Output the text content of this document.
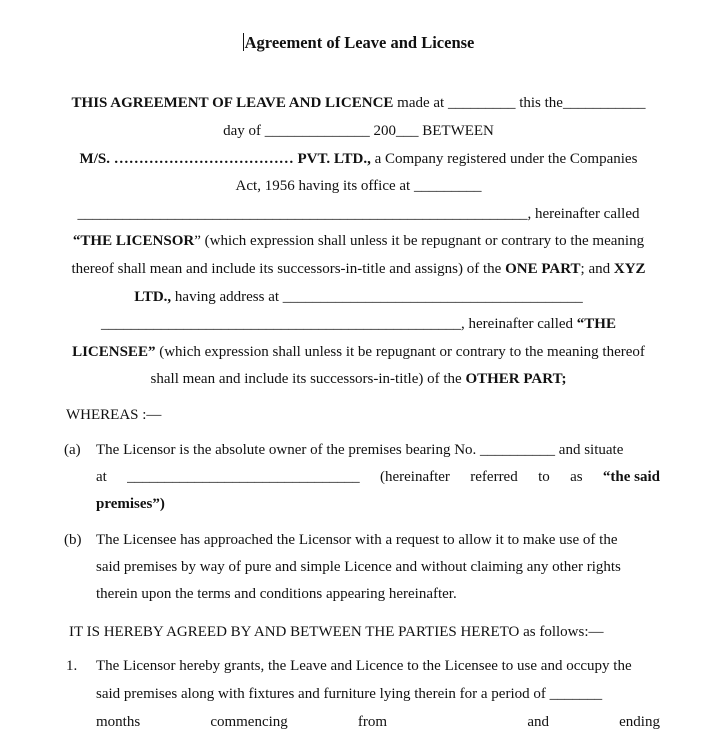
Agreement of Leave and License
THIS AGREEMENT OF LEAVE AND LICENCE made at _________ this the___________
day of ______________ 200___ BETWEEN
M/S. ……………………………… PVT. LTD., a Company registered under the Companies
Act, 1956 having its office at _________
____________________________________________________________, hereinafter called
“THE LICENSOR” (which expression shall unless it be repugnant or contrary to the meaning
thereof shall mean and include its successors-in-title and assigns) of the ONE PART; and XYZ
LTD., having address at ________________________________________
________________________________________________, hereinafter called “THE
LICENSEE” (which expression shall unless it be repugnant or contrary to the meaning thereof
shall mean and include its successors-in-title) of the OTHER PART;
WHEREAS :—
(a) The Licensor is the absolute owner of the premises bearing No. __________ and situate
at _______________________________ (hereinafter referred to as “the said
premises”)
(b) The Licensee has approached the Licensor with a request to allow it to make use of the
said premises by way of pure and simple Licence and without claiming any other rights
therein upon the terms and conditions appearing hereinafter.
IT IS HEREBY AGREED BY AND BETWEEN THE PARTIES HERETO as follows:—
1. The Licensor hereby grants, the Leave and Licence to the Licensee to use and occupy the
said premises along with fixtures and furniture lying therein for a period of _______
months	commencing	from	and	ending
